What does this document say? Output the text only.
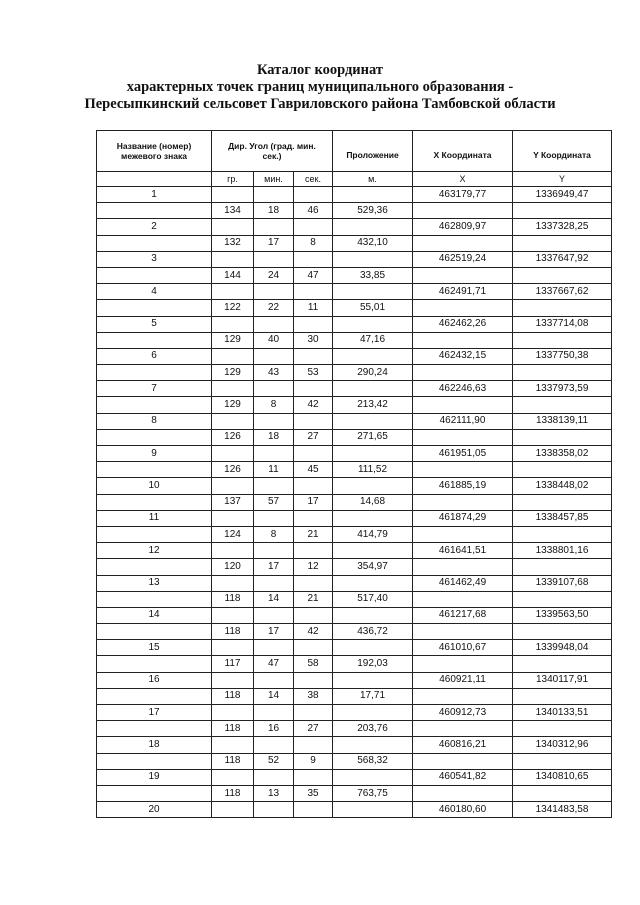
Каталог координат
характерных точек границ муниципального образования -
Пересыпкинский сельсовет Гавриловского района Тамбовской области
Название (номер) межевого знака	Дир. Угол (град. мин. сек.)			Проложение	X Координата	Y Координата
	гр.	мин.	сек.	м.	X	Y
1					463179,77	1336949,47
	134	18	46	529,36		
2					462809,97	1337328,25
	132	17	8	432,10		
3					462519,24	1337647,92
	144	24	47	33,85		
4					462491,71	1337667,62
	122	22	11	55,01		
5					462462,26	1337714,08
	129	40	30	47,16		
6					462432,15	1337750,38
	129	43	53	290,24		
7					462246,63	1337973,59
	129	8	42	213,42		
8					462111,90	1338139,11
	126	18	27	271,65		
9					461951,05	1338358,02
	126	11	45	111,52		
10					461885,19	1338448,02
	137	57	17	14,68		
11					461874,29	1338457,85
	124	8	21	414,79		
12					461641,51	1338801,16
	120	17	12	354,97		
13					461462,49	1339107,68
	118	14	21	517,40		
14					461217,68	1339563,50
	118	17	42	436,72		
15					461010,67	1339948,04
	117	47	58	192,03		
16					460921,11	1340117,91
	118	14	38	17,71		
17					460912,73	1340133,51
	118	16	27	203,76		
18					460816,21	1340312,96
	118	52	9	568,32		
19					460541,82	1340810,65
	118	13	35	763,75		
20					460180,60	1341483,58
